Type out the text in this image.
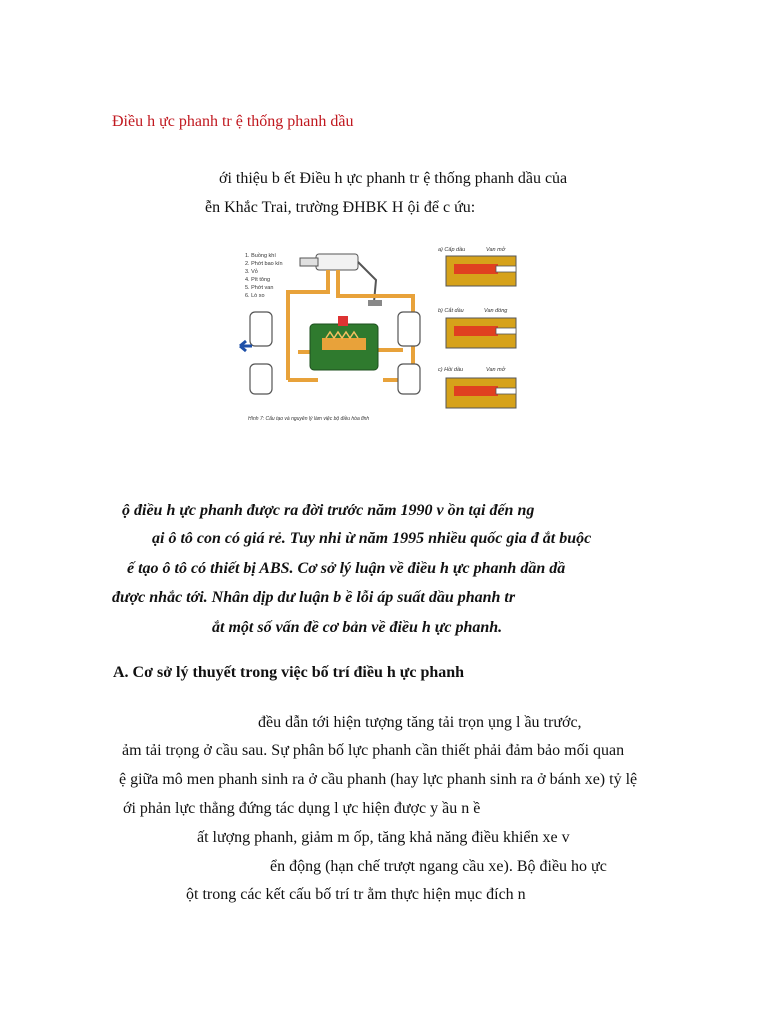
Điều h ực phanh tr ệ thống phanh dầu
ới thiệu b ết Điều h ực phanh tr ệ thống phanh dầu của
ễn Khắc Trai, trường ĐHBK H ội để c ứu:
1. Buồng khí
2. Phớt bao kín
3. Vỏ
4. Pít tông
5. Phớt van
6. Lò xo
Hình 7: Cấu tạo và nguyên lý làm việc bộ điều hòa tĩnh
a) Cấp dầu	Van mở
b) Cắt dầu	Van đóng
c) Hồi dầu	Van mở
ộ điều h ực phanh được ra đời trước năm 1990 v ồn tại đến ng
ại ô tô con có giá rẻ. Tuy nhi ừ năm 1995 nhiều quốc gia đ ắt buộc
ế tạo ô tô có thiết bị ABS. Cơ sở lý luận về điều h ực phanh dần dầ
được nhắc tới. Nhân dịp dư luận b ề lỗi áp suất dầu phanh tr
ắt một số vấn đề cơ bản về điều h ực phanh.
A. Cơ sở lý thuyết trong việc bố trí điều h ực phanh
đều dẫn tới hiện tượng tăng tải trọn ụng l ầu trước,
ảm tải trọng ở cầu sau. Sự phân bố lực phanh cần thiết phải đảm bảo mối quan
ệ giữa mô men phanh sinh ra ở cầu phanh (hay lực phanh sinh ra ở bánh xe) tỷ lệ
ới phản lực thẳng đứng tác dụng l ực hiện được y ầu n ề
ất lượng phanh, giảm m ốp, tăng khả năng điều khiển xe v
ển động (hạn chế trượt ngang cầu xe). Bộ điều ho ực
ột trong các kết cấu bố trí tr ằm thực hiện mục đích n
